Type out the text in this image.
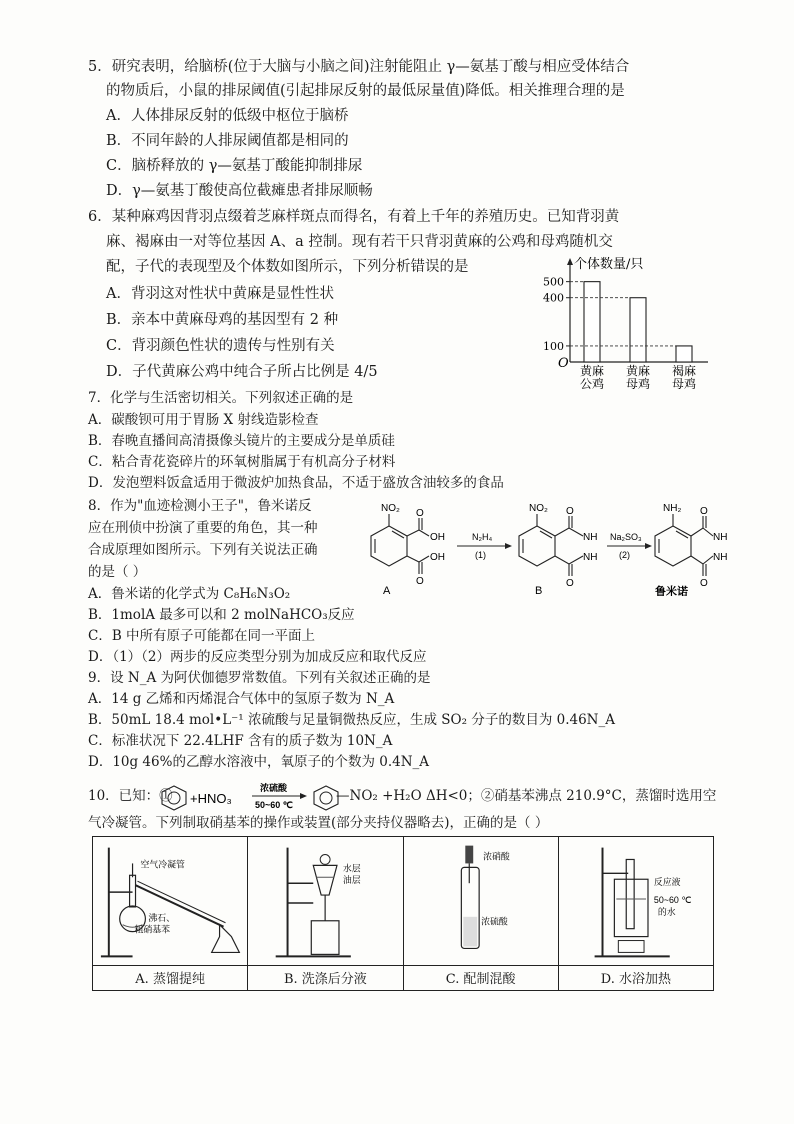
5．研究表明，给脑桥(位于大脑与小脑之间)注射能阻止 γ—氨基丁酸与相应受体结合
的物质后，小鼠的排尿阈值(引起排尿反射的最低尿量值)降低。相关推理合理的是
A．人体排尿反射的低级中枢位于脑桥
B．不同年龄的人排尿阈值都是相同的
C．脑桥释放的 γ—氨基丁酸能抑制排尿
D．γ—氨基丁酸使高位截瘫患者排尿顺畅
6．某种麻鸡因背羽点缀着芝麻样斑点而得名，有着上千年的养殖历史。已知背羽黄
麻、褐麻由一对等位基因 A、a 控制。现有若干只背羽黄麻的公鸡和母鸡随机交
配，子代的表现型及个体数如图所示，下列分析错误的是
A．背羽这对性状中黄麻是显性性状
B．亲本中黄麻母鸡的基因型有 2 种
C．背羽颜色性状的遗传与性别有关
D．子代黄麻公鸡中纯合子所占比例是 4/5
个体数量/只
O
100
400
500
黄麻
公鸡
黄麻
母鸡
褐麻
母鸡
7．化学与生活密切相关。下列叙述正确的是
A．碳酸钡可用于胃肠 X 射线造影检查
B．春晚直播间高清摄像头镜片的主要成分是单质硅
C．粘合青花瓷碎片的环氧树脂属于有机高分子材料
D．发泡塑料饭盒适用于微波炉加热食品，不适于盛放含油较多的食品
8．作为"血迹检测小王子"，鲁米诺反
应在刑侦中扮演了重要的角色，其一种
合成原理如图所示。下列有关说法正确
的是（ ）
A．鲁米诺的化学式为 C₈H₆N₃O₂
B．1molA 最多可以和 2 molNaHCO₃反应
C．B 中所有原子可能都在同一平面上
D．（1）（2）两步的反应类型分别为加成反应和取代反应
NO₂ O
O
OH
OH
A
N₂H₄
(1)
NO₂ O
O
NH
NH
B
Na₂SO₃
(2)
NH₂ O
O
NH
NH
鲁米诺
9．设 N_A 为阿伏伽德罗常数值。下列有关叙述正确的是
A．14 g 乙烯和丙烯混合气体中的氢原子数为 N_A
B．50mL 18.4 mol•L⁻¹ 浓硫酸与足量铜微热反应，生成 SO₂ 分子的数目为 0.46N_A
C．标准状况下 22.4LHF 含有的质子数为 10N_A
D．10g 46%的乙醇水溶液中，氧原子的个数为 0.4N_A
10．已知：① +HNO₃
浓硫酸
50~60 ℃
—NO₂ +H₂O ΔH<0；②硝基苯沸点 210.9°C，蒸馏时选用空
气冷凝管。下列制取硝基苯的操作或装置(部分夹持仪器略去)，正确的是（ ）
空气冷凝管
沸石、
粗硝基苯	水层
油层	浓硝酸
浓硫酸	反应液
50~60 ℃
的水

A. 蒸馏提纯	B. 洗涤后分液	C. 配制混酸	D. 水浴加热
